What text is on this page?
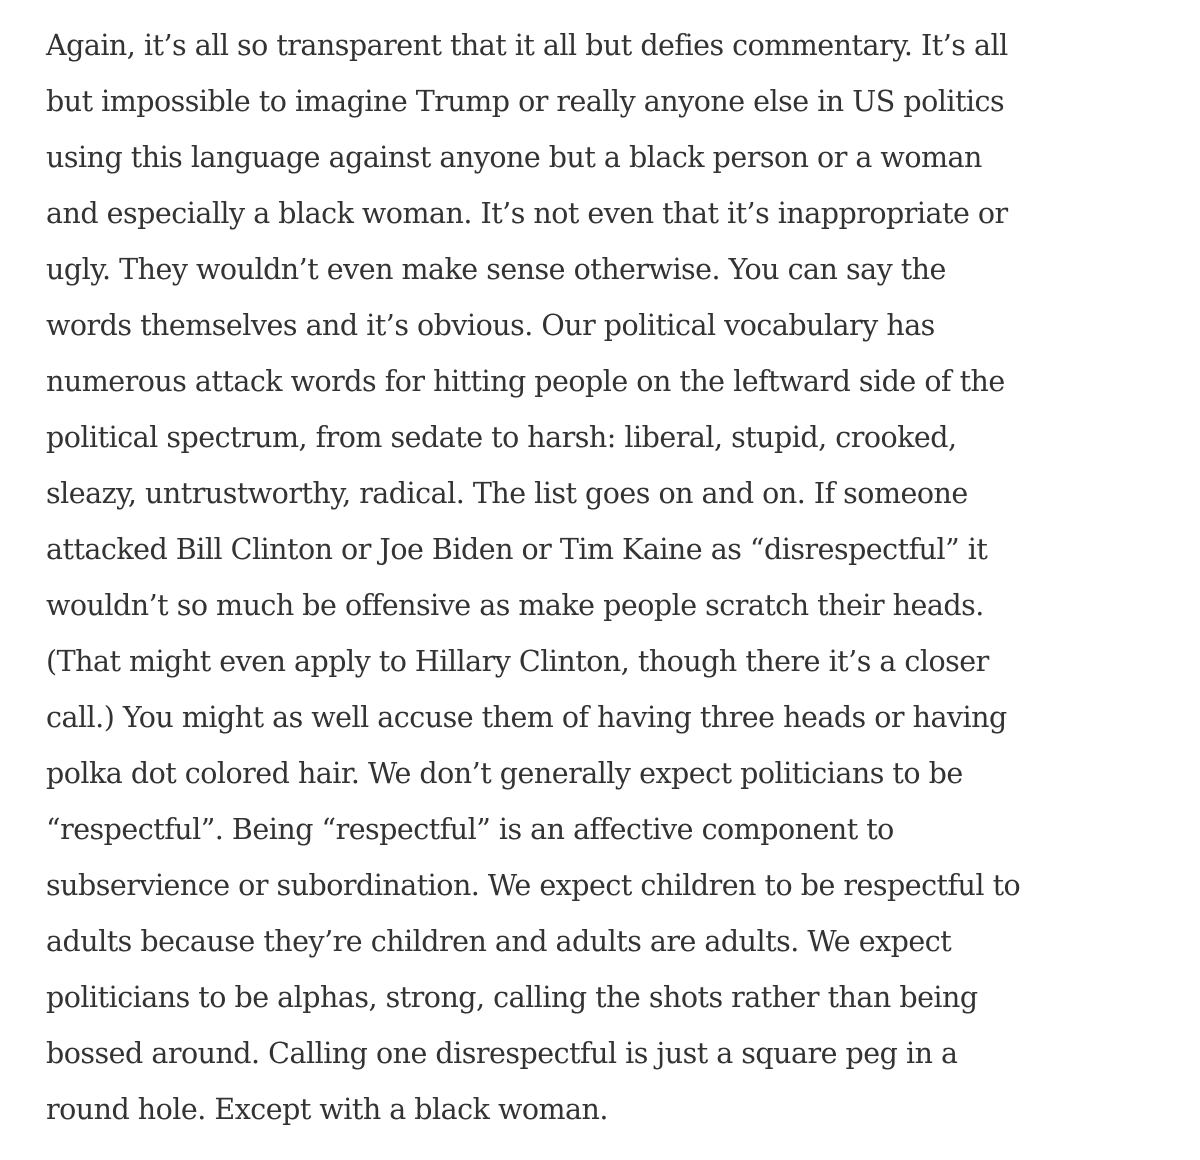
Again, it’s all so transparent that it all but defies commentary. It’s all
but impossible to imagine Trump or really anyone else in US politics
using this language against anyone but a black person or a woman
and especially a black woman. It’s not even that it’s inappropriate or
ugly. They wouldn’t even make sense otherwise. You can say the
words themselves and it’s obvious. Our political vocabulary has
numerous attack words for hitting people on the leftward side of the
political spectrum, from sedate to harsh: liberal, stupid, crooked,
sleazy, untrustworthy, radical. The list goes on and on. If someone
attacked Bill Clinton or Joe Biden or Tim Kaine as “disrespectful” it
wouldn’t so much be offensive as make people scratch their heads.
(That might even apply to Hillary Clinton, though there it’s a closer
call.) You might as well accuse them of having three heads or having
polka dot colored hair. We don’t generally expect politicians to be
“respectful”. Being “respectful” is an affective component to
subservience or subordination. We expect children to be respectful to
adults because they’re children and adults are adults. We expect
politicians to be alphas, strong, calling the shots rather than being
bossed around. Calling one disrespectful is just a square peg in a
round hole. Except with a black woman.
